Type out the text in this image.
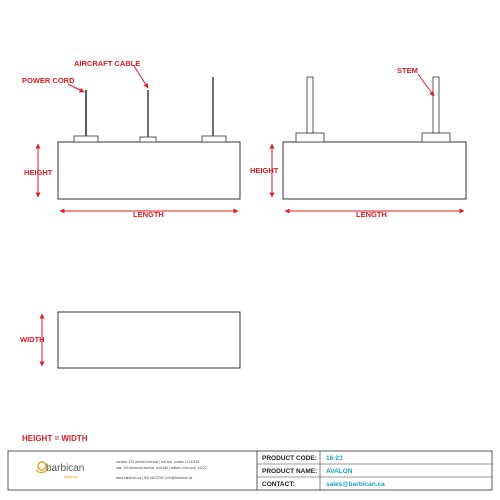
AIRCRAFT CABLE
POWER CORD
HEIGHT
LENGTH
STEM
HEIGHT
LENGTH
WIDTH
HEIGHT = WIDTH
barbican
lighting
canada: 870 wexford avenue | fort erie, ontario | L2A 5T8
usa: 190 elmwood avenue, unit 266 | buffalo, new york, 14222
www.barbican.ca | 800 663 5750 | info@barbican.ca
PRODUCT CODE: 16-23
PRODUCT NAME: AVALON
CONTACT:	sales@barbican.ca
